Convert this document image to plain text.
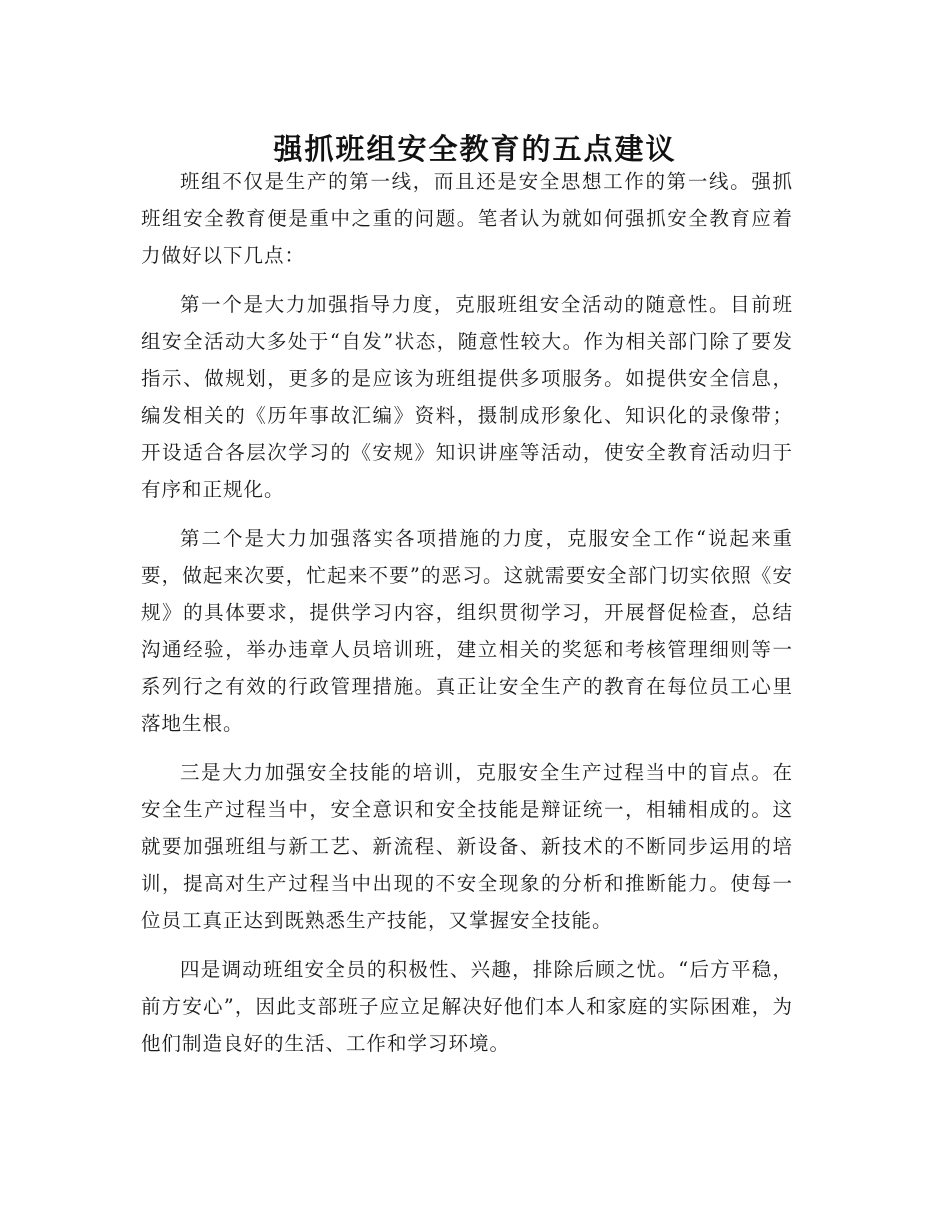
强抓班组安全教育的五点建议

班组不仅是生产的第一线，而且还是安全思想工作的第一线。强抓班组安全教育便是重中之重的问题。笔者认为就如何强抓安全教育应着力做好以下几点：

第一个是大力加强指导力度，克服班组安全活动的随意性。目前班组安全活动大多处于“自发”状态，随意性较大。作为相关部门除了要发指示、做规划，更多的是应该为班组提供多项服务。如提供安全信息，编发相关的《历年事故汇编》资料，摄制成形象化、知识化的录像带；开设适合各层次学习的《安规》知识讲座等活动，使安全教育活动归于有序和正规化。

第二个是大力加强落实各项措施的力度，克服安全工作“说起来重要，做起来次要，忙起来不要”的恶习。这就需要安全部门切实依照《安规》的具体要求，提供学习内容，组织贯彻学习，开展督促检查，总结沟通经验，举办违章人员培训班，建立相关的奖惩和考核管理细则等一系列行之有效的行政管理措施。真正让安全生产的教育在每位员工心里落地生根。

三是大力加强安全技能的培训，克服安全生产过程当中的盲点。在安全生产过程当中，安全意识和安全技能是辩证统一，相辅相成的。这就要加强班组与新工艺、新流程、新设备、新技术的不断同步运用的培训，提高对生产过程当中出现的不安全现象的分析和推断能力。使每一位员工真正达到既熟悉生产技能，又掌握安全技能。

四是调动班组安全员的积极性、兴趣，排除后顾之忧。“后方平稳，前方安心”，因此支部班子应立足解决好他们本人和家庭的实际困难，为他们制造良好的生活、工作和学习环境。
